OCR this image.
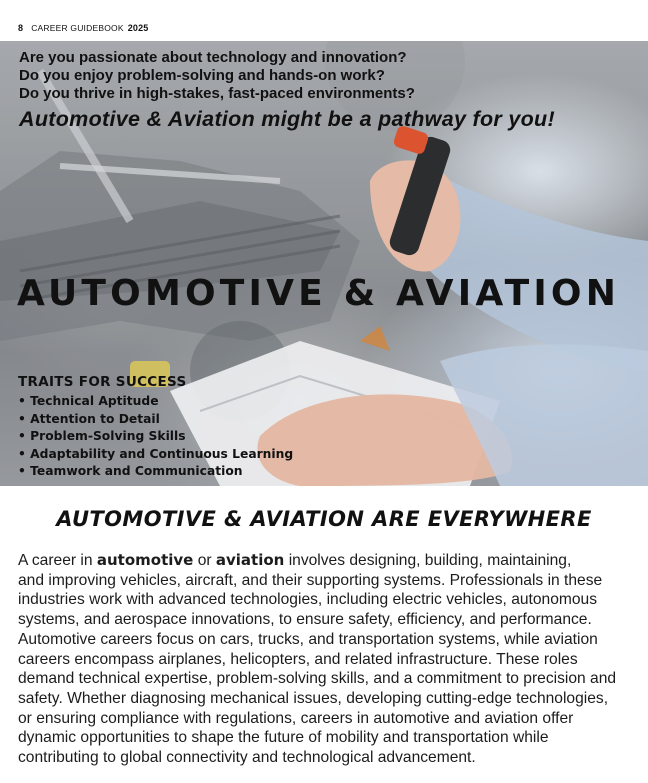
8 CAREER GUIDEBOOK 2025
Are you passionate about technology and innovation?
Do you enjoy problem-solving and hands-on work?
Do you thrive in high-stakes, fast-paced environments?
Automotive & Aviation might be a pathway for you!
AUTOMOTIVE & AVIATION
TRAITS FOR SUCCESS
• Technical Aptitude
• Attention to Detail
• Problem-Solving Skills
• Adaptability and Continuous Learning
• Teamwork and Communication
AUTOMOTIVE & AVIATION ARE EVERYWHERE
A career in automotive or aviation involves designing, building, maintaining,
and improving vehicles, aircraft, and their supporting systems. Professionals in these
industries work with advanced technologies, including electric vehicles, autonomous
systems, and aerospace innovations, to ensure safety, efficiency, and performance.
Automotive careers focus on cars, trucks, and transportation systems, while aviation
careers encompass airplanes, helicopters, and related infrastructure. These roles
demand technical expertise, problem-solving skills, and a commitment to precision and
safety. Whether diagnosing mechanical issues, developing cutting-edge technologies,
or ensuring compliance with regulations, careers in automotive and aviation offer
dynamic opportunities to shape the future of mobility and transportation while
contributing to global connectivity and technological advancement.
